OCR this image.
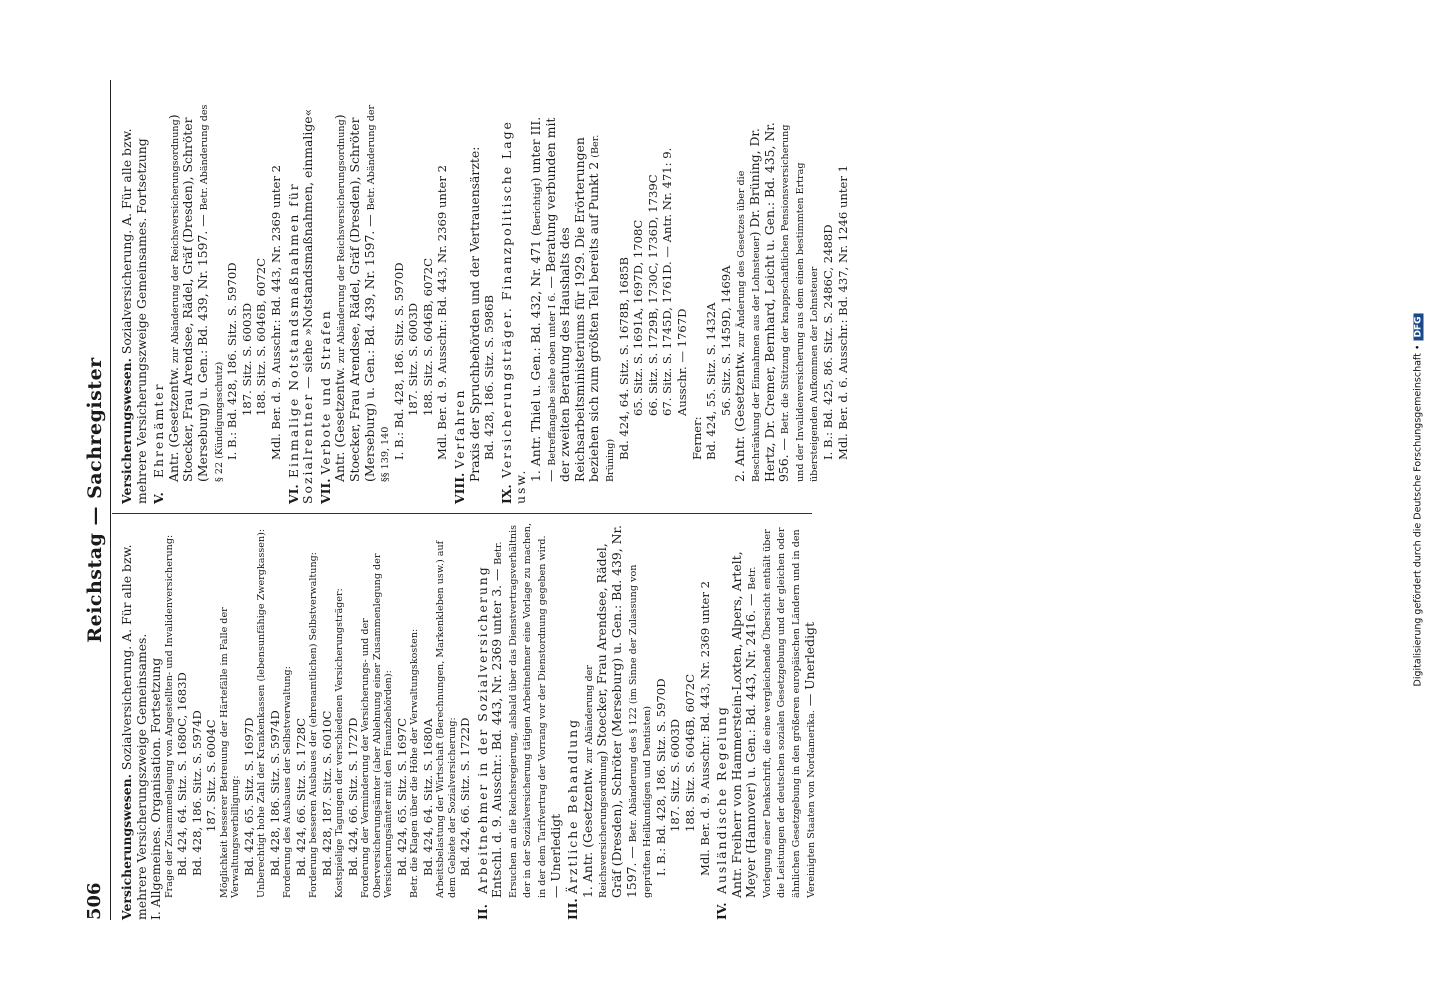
506
Reichstag — Sachregister

Versicherungswesen. Sozialversicherung. A. Für alle bzw. mehrere Versicherungszweige Gemeinsames. I. Allgemeines. Organisation. Fortsetzung Frage der Zusammenlegung von Angestellten- und Invalidenversicherung: Bd. 424, 64. Sitz. S. 1680C, 1683D Bd. 428, 186. Sitz. S. 5974D 187. Sitz. S. 6004C Möglichkeit besserer Betreuung der Härtefälle im Falle der Verwaltungsverbilligung: Bd. 424, 65. Sitz. S. 1697D Unberechtigt hohe Zahl der Krankenkassen (lebensunfähige Zwergkassen): Bd. 428, 186. Sitz. S. 5974D Forderung des Ausbaues der Selbstverwaltung: Bd. 424, 66. Sitz. S. 1728C Forderung besseren Ausbaues der (ehrenamtlichen) Selbstverwaltung: Bd. 428, 187. Sitz. S. 6010C Kostspielige Tagungen der verschiedenen Versicherungsträger: Bd. 424, 66. Sitz. S. 1727D Forderung der Verminderung der Versicherungs- und der Oberversicherungsämter (aber Ablehnung einer Zusammenlegung der Versicherungsämter mit den Finanzbehörden): Bd. 424, 65. Sitz. S. 1697C Betr. die Klagen über die Höhe der Verwaltungskosten: Bd. 424, 64. Sitz. S. 1680A Arbeitsbelastung der Wirtschaft (Berechnungen, Markenkleben usw.) auf dem Gebiete der Sozialversicherung: Bd. 424, 66. Sitz. S. 1722D

II. Arbeitnehmer in der Sozialversicherung Entschl. d. 9. Ausschr.: Bd. 443, Nr. 2369 unter 3. — Betr. Ersuchen an die Reichsregierung, alsbald über das Dienstvertragsverhältnis der in der Sozialversicherung tätigen Arbeitnehmer eine Vorlage zu machen, in der dem Tarifvertrag der Vorrang vor der Dienstordnung gegeben wird. — Unerledigt

III. Ärztliche Behandlung 1. Antr. (Gesetzentw. zur Abänderung der Reichsversicherungsordnung) Stoecker, Frau Arendsee, Rädel, Gräf (Dresden), Schröter (Merseburg) u. Gen.: Bd. 439, Nr. 1597. — Betr. Abänderung des § 122 (im Sinne der Zulassung von geprüften Heilkundigen und Dentisten) I. B.: Bd. 428, 186. Sitz. S. 5970D 187. Sitz. S. 6003D 188. Sitz. S. 6046B, 6072C Mdl. Ber. d. 9. Ausschr.: Bd. 443, Nr. 2369 unter 2

IV. Ausländische Regelung Antr. Freiherr von Hammerstein-Loxten, Alpers, Artelt, Meyer (Hannover) u. Gen.: Bd. 443, Nr. 2416. — Betr. Vorlegung einer Denkschrift, die eine vergleichende Übersicht enthält über die Leistungen der deutschen sozialen Gesetzgebung und der gleichen oder ähnlichen Gesetzgebung in den größeren europäischen Ländern und in den Vereinigten Staaten von Nordamerika. — Unerledigt

Versicherungswesen. Sozialversicherung. A. Für alle bzw. mehrere Versicherungszweige Gemeinsames. Fortsetzung V. Ehrenämter Antr. (Gesetzentw. zur Abänderung der Reichsversicherungsordnung) Stoecker, Frau Arendsee, Rädel, Gräf (Dresden), Schröter (Merseburg) u. Gen.: Bd. 439, Nr. 1597. — Betr. Abänderung des § 22 (Kündigungsschutz) I. B.: Bd. 428, 186. Sitz. S. 5970D 187. Sitz. S. 6003D 188. Sitz. S. 6046B, 6072C Mdl. Ber. d. 9. Ausschr.: Bd. 443, Nr. 2369 unter 2

VI. Einmalige Notstandsmaßnahmen für Sozialrentner — siehe »Notstandsmaßnahmen, einmalige«

VII. Verbote und Strafen Antr. (Gesetzentw. zur Abänderung der Reichsversicherungsordnung) Stoecker, Frau Arendsee, Rädel, Gräf (Dresden), Schröter (Merseburg) u. Gen.: Bd. 439, Nr. 1597. — Betr. Abänderung der §§ 139, 140 I. B.: Bd. 428, 186. Sitz. S. 5970D 187. Sitz. S. 6003D 188. Sitz. S. 6046B, 6072C Mdl. Ber. d. 9. Ausschr.: Bd. 443, Nr. 2369 unter 2

VIII. Verfahren Praxis der Spruchbehörden und der Vertrauensärzte: Bd. 428, 186. Sitz. S. 5986B

IX. Versicherungsträger. Finanzpolitische Lage usw.

1. Antr. Thiel u. Gen.: Bd. 432, Nr. 471 (Berichtigt) unter III. — Betreffangabe siehe oben unter I 6. — Beratung verbunden mit der zweiten Beratung des Haushalts des Reichsarbeitsministeriums für 1929. Die Erörterungen beziehen sich zum größten Teil bereits auf Punkt 2 (Ber. Brüning)

Bd. 424, 64. Sitz. S. 1678B, 1685B 65. Sitz. S. 1691A, 1697D, 1708C 66. Sitz. S. 1729B, 1730C, 1736D, 1739C 67. Sitz. S. 1745D, 1761D. — Antr. Nr. 471: 9. Ausschr. — 1767D

Ferner: Bd. 424, 55. Sitz. S. 1432A 56. Sitz. S. 1459D, 1469A 2. Antr. (Gesetzentw. zur Änderung des Gesetzes über die Beschränkung der Einnahmen aus der Lohnsteuer) Dr. Brüning, Dr. Hertz, Dr. Cremer, Bernhard, Leicht u. Gen.: Bd. 435, Nr. 956. — Betr. die Stützung der knappschaftlichen Pensionsversicherung und der Invalidenversicherung aus dem einen bestimmten Ertrag übersteigenden Aufkommen der Lohnsteuer I. B.: Bd. 425, 86. Sitz. S. 2486C, 2488D Mdl. Ber. d. 6. Ausschr.: Bd. 437, Nr. 1246 unter 1

Digitalisierung gefördert durch die Deutsche Forschungsgemeinschaft •DFG
